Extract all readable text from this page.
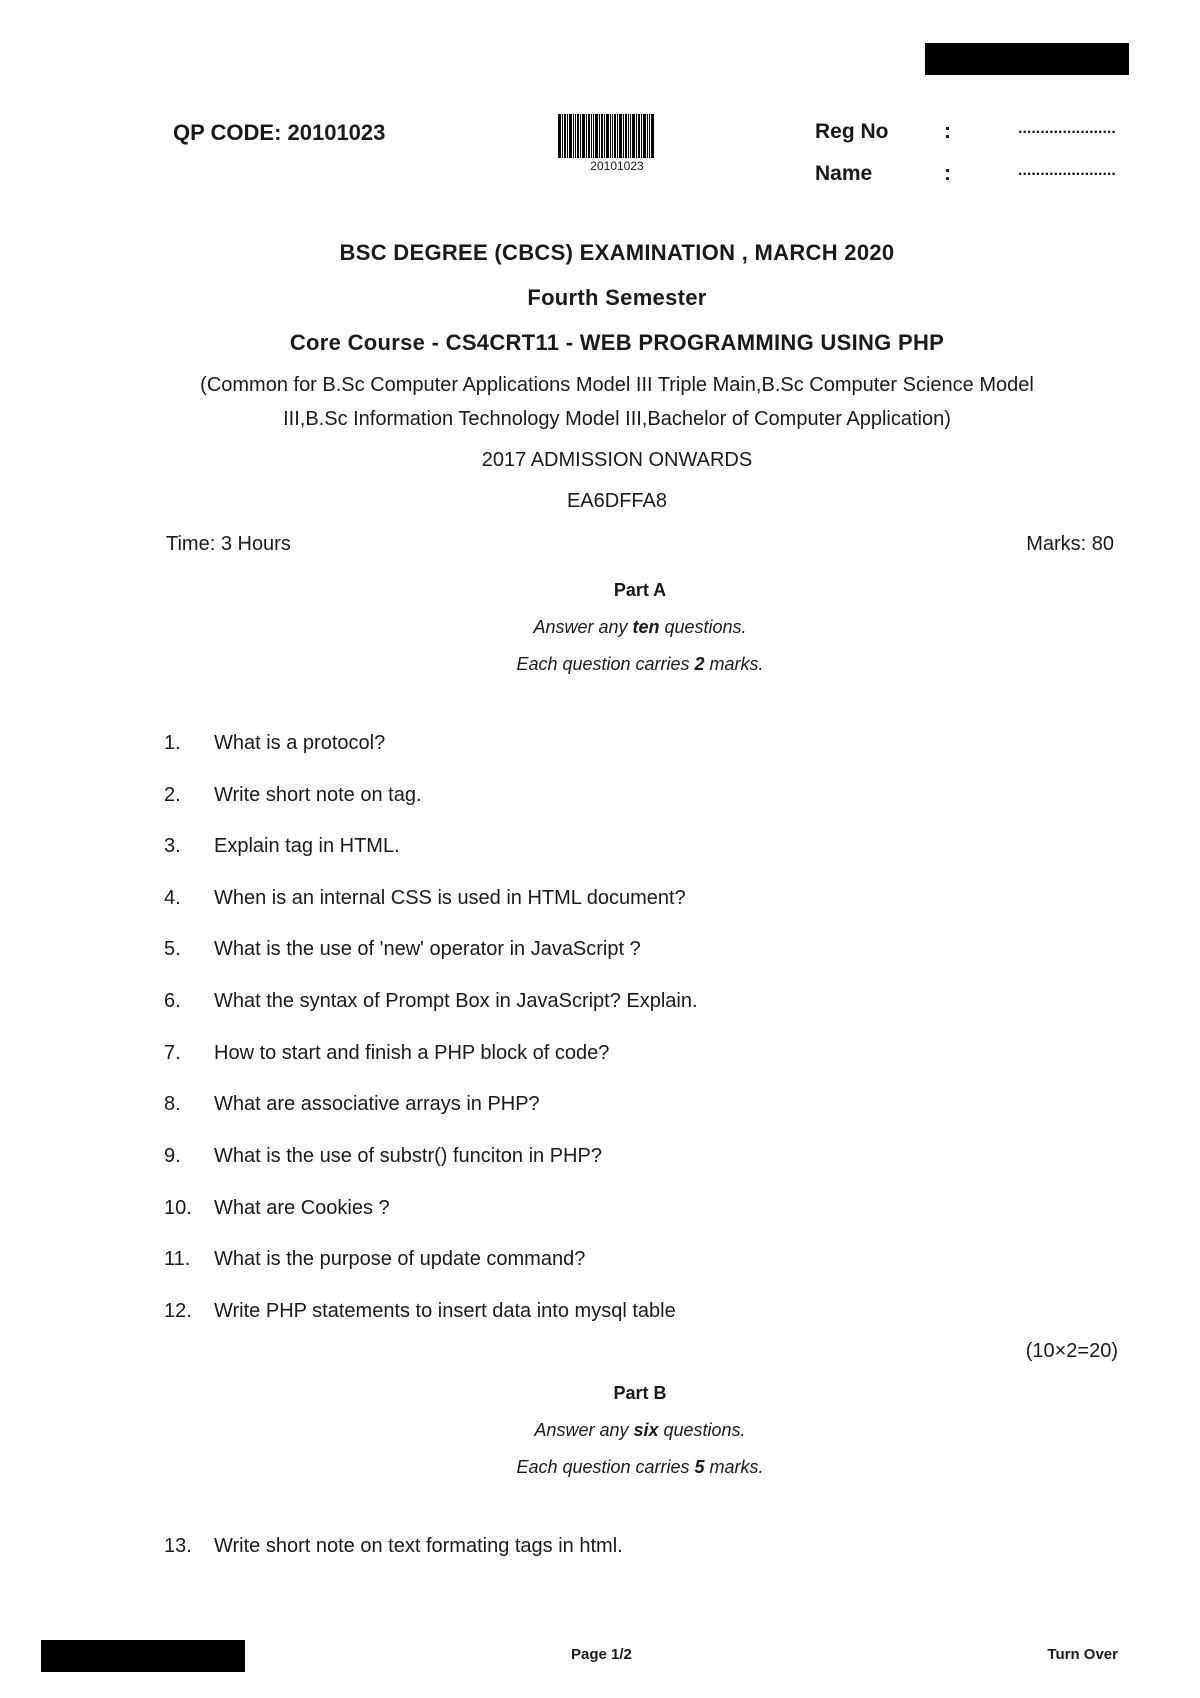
QP CODE: 20101023
20101023
Reg No	:	......................
Name	:	......................
BSC DEGREE (CBCS) EXAMINATION , MARCH 2020
Fourth Semester
Core Course - CS4CRT11 - WEB PROGRAMMING USING PHP
(Common for B.Sc Computer Applications Model III Triple Main,B.Sc Computer Science Model
III,B.Sc Information Technology Model III,Bachelor of Computer Application)
2017 ADMISSION ONWARDS
EA6DFFA8
Time: 3 Hours	Marks: 80
Part A
Answer any ten questions.
Each question carries 2 marks.
1.	What is a protocol?
2.	Write short note on tag.
3.	Explain tag in HTML.
4.	When is an internal CSS is used in HTML document?
5.	What is the use of 'new' operator in JavaScript ?
6.	What the syntax of Prompt Box in JavaScript? Explain.
7.	How to start and finish a PHP block of code?
8.	What are associative arrays in PHP?
9.	What is the use of substr() funciton in PHP?
10.	What are Cookies ?
11.	What is the purpose of update command?
12.	Write PHP statements to insert data into mysql table
(10×2=20)
Part B
Answer any six questions.
Each question carries 5 marks.
13.	Write short note on text formating tags in html.
Page 1/2	Turn Over
